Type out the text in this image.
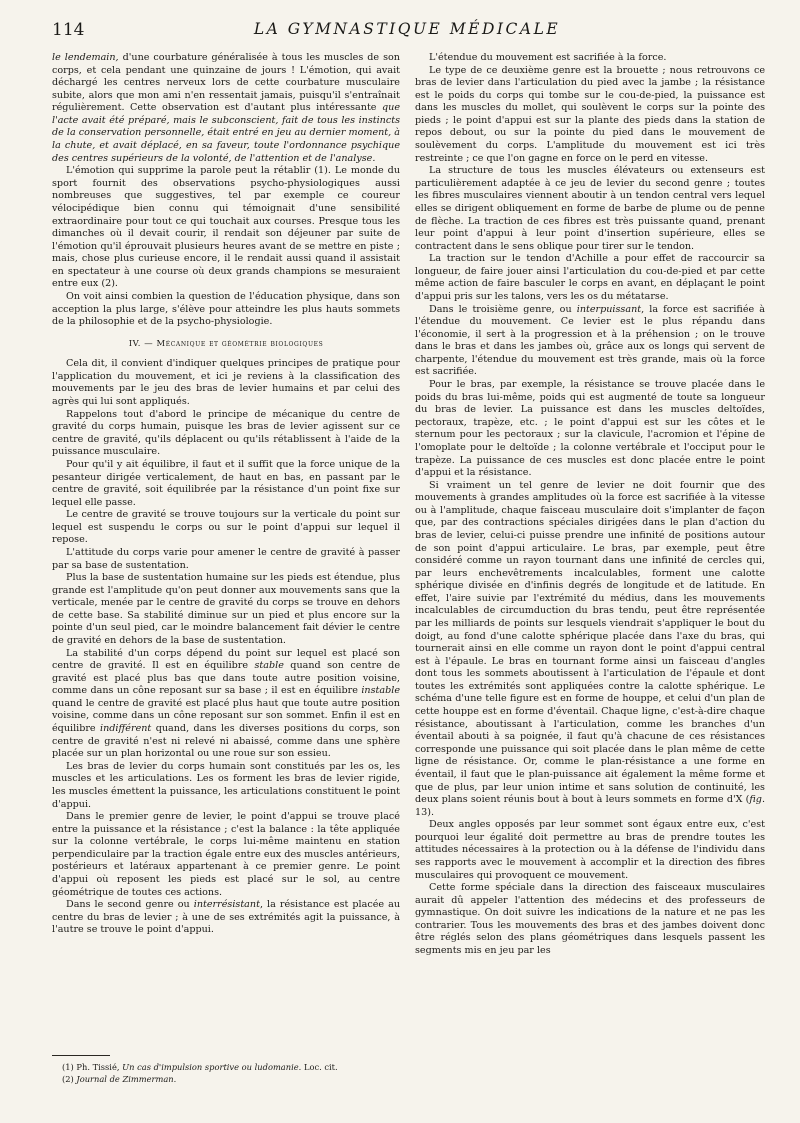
114	LA GYMNASTIQUE MÉDICALE

le lendemain, d'une courbature généralisée à tous les muscles de son corps, et cela pendant une quinzaine de jours ! L'émotion, qui avait déchargé les centres nerveux lors de cette courbature musculaire subite, alors que mon ami n'en ressentait jamais, puisqu'il s'entraînait régulièrement. Cette observation est d'autant plus intéressante que l'acte avait été préparé, mais le subconscient, fait de tous les instincts de la conservation personnelle, était entré en jeu au dernier moment, à la chute, et avait déplacé, en sa faveur, toute l'ordonnance psychique des centres supérieurs de la volonté, de l'attention et de l'analyse.

L'émotion qui supprime la parole peut la rétablir (1). Le monde du sport fournit des observations psycho-physiologiques aussi nombreuses que suggestives, tel par exemple ce coureur vélocipédique bien connu qui témoignait d'une sensibilité extraordinaire pour tout ce qui touchait aux courses. Presque tous les dimanches où il devait courir, il rendait son déjeuner par suite de l'émotion qu'il éprouvait plusieurs heures avant de se mettre en piste ; mais, chose plus curieuse encore, il le rendait aussi quand il assistait en spectateur à une course où deux grands champions se mesuraient entre eux (2).

On voit ainsi combien la question de l'éducation physique, dans son acception la plus large, s'élève pour atteindre les plus hauts sommets de la philosophie et de la psycho-physiologie.

IV. — Mécanique et géométrie biologiques

Cela dit, il convient d'indiquer quelques principes de pratique pour l'application du mouvement, et ici je reviens à la classification des mouvements par le jeu des bras de levier humains et par celui des agrès qui lui sont appliqués.

Rappelons tout d'abord le principe de mécanique du centre de gravité du corps humain, puisque les bras de levier agissent sur ce centre de gravité, qu'ils déplacent ou qu'ils rétablissent à l'aide de la puissance musculaire.

Pour qu'il y ait équilibre, il faut et il suffit que la force unique de la pesanteur dirigée verticalement, de haut en bas, en passant par le centre de gravité, soit équilibrée par la résistance d'un point fixe sur lequel elle passe.

Le centre de gravité se trouve toujours sur la verticale du point sur lequel est suspendu le corps ou sur le point d'appui sur lequel il repose.

L'attitude du corps varie pour amener le centre de gravité à passer par sa base de sustentation.

Plus la base de sustentation humaine sur les pieds est étendue, plus grande est l'amplitude qu'on peut donner aux mouvements sans que la verticale, menée par le centre de gravité du corps se trouve en dehors de cette base. Sa stabilité diminue sur un pied et plus encore sur la pointe d'un seul pied, car le moindre balancement fait dévier le centre de gravité en dehors de la base de sustentation.

La stabilité d'un corps dépend du point sur lequel est placé son centre de gravité. Il est en équilibre stable quand son centre de gravité est placé plus bas que dans toute autre position voisine, comme dans un cône reposant sur sa base ; il est en équilibre instable quand le centre de gravité est placé plus haut que toute autre position voisine, comme dans un cône reposant sur son sommet. Enfin il est en équilibre indifférent quand, dans les diverses positions du corps, son centre de gravité n'est ni relevé ni abaissé, comme dans une sphère placée sur un plan horizontal ou une roue sur son essieu.

Les bras de levier du corps humain sont constitués par les os, les muscles et les articulations. Les os forment les bras de levier rigide, les muscles émettent la puissance, les articulations constituent le point d'appui.

Dans le premier genre de levier, le point d'appui se trouve placé entre la puissance et la résistance ; c'est la balance : la tête appliquée sur la colonne vertébrale, le corps lui-même maintenu en station perpendiculaire par la traction égale entre eux des muscles antérieurs, postérieurs et latéraux appartenant à ce premier genre. Le point d'appui où reposent les pieds est placé sur le sol, au centre géométrique de toutes ces actions.

Dans le second genre ou interrésistant, la résistance est placée au centre du bras de levier ; à une de ses extrémités agit la puissance, à l'autre se trouve le point d'appui.

(1) Ph. Tissié, Un cas d'impulsion sportive ou ludomanie. Loc. cit.
(2) Journal de Zimmerman.

L'étendue du mouvement est sacrifiée à la force.

Le type de ce deuxième genre est la brouette ; nous retrouvons ce bras de levier dans l'articulation du pied avec la jambe ; la résistance est le poids du corps qui tombe sur le cou-de-pied, la puissance est dans les muscles du mollet, qui soulèvent le corps sur la pointe des pieds ; le point d'appui est sur la plante des pieds dans la station de repos debout, ou sur la pointe du pied dans le mouvement de soulèvement du corps. L'amplitude du mouvement est ici très restreinte ; ce que l'on gagne en force on le perd en vitesse.

La structure de tous les muscles élévateurs ou extenseurs est particulièrement adaptée à ce jeu de levier du second genre ; toutes les fibres musculaires viennent aboutir à un tendon central vers lequel elles se dirigent obliquement en forme de barbe de plume ou de penne de flèche. La traction de ces fibres est très puissante quand, prenant leur point d'appui à leur point d'insertion supérieure, elles se contractent dans le sens oblique pour tirer sur le tendon.

La traction sur le tendon d'Achille a pour effet de raccourcir sa longueur, de faire jouer ainsi l'articulation du cou-de-pied et par cette même action de faire basculer le corps en avant, en déplaçant le point d'appui pris sur les talons, vers les os du métatarse.

Dans le troisième genre, ou interpuissant, la force est sacrifiée à l'étendue du mouvement. Ce levier est le plus répandu dans l'économie, il sert à la progression et à la préhension ; on le trouve dans le bras et dans les jambes où, grâce aux os longs qui servent de charpente, l'étendue du mouvement est très grande, mais où la force est sacrifiée.

Pour le bras, par exemple, la résistance se trouve placée dans le poids du bras lui-même, poids qui est augmenté de toute sa longueur du bras de levier. La puissance est dans les muscles deltoïdes, pectoraux, trapèze, etc. ; le point d'appui est sur les côtes et le sternum pour les pectoraux ; sur la clavicule, l'acromion et l'épine de l'omoplate pour le deltoïde ; la colonne vertébrale et l'occiput pour le trapèze. La puissance de ces muscles est donc placée entre le point d'appui et la résistance.

Si vraiment un tel genre de levier ne doit fournir que des mouvements à grandes amplitudes où la force est sacrifiée à la vitesse ou à l'amplitude, chaque faisceau musculaire doit s'implanter de façon que, par des contractions spéciales dirigées dans le plan d'action du bras de levier, celui-ci puisse prendre une infinité de positions autour de son point d'appui articulaire. Le bras, par exemple, peut être considéré comme un rayon tournant dans une infinité de cercles qui, par leurs enchevêtrements incalculables, forment une calotte sphérique divisée en d'infinis degrés de longitude et de latitude. En effet, l'aire suivie par l'extrémité du médius, dans les mouvements incalculables de circumduction du bras tendu, peut être représentée par les milliards de points sur lesquels viendrait s'appliquer le bout du doigt, au fond d'une calotte sphérique placée dans l'axe du bras, qui tournerait ainsi en elle comme un rayon dont le point d'appui central est à l'épaule. Le bras en tournant forme ainsi un faisceau d'angles dont tous les sommets aboutissent à l'articulation de l'épaule et dont toutes les extrémités sont appliquées contre la calotte sphérique. Le schéma d'une telle figure est en forme de houppe, et celui d'un plan de cette houppe est en forme d'éventail. Chaque ligne, c'est-à-dire chaque résistance, aboutissant à l'articulation, comme les branches d'un éventail abouti à sa poignée, il faut qu'à chacune de ces résistances corresponde une puissance qui soit placée dans le plan même de cette ligne de résistance. Or, comme le plan-résistance a une forme en éventail, il faut que le plan-puissance ait également la même forme et que de plus, par leur union intime et sans solution de continuité, les deux plans soient réunis bout à bout à leurs sommets en forme d'X (fig. 13).

Deux angles opposés par leur sommet sont égaux entre eux, c'est pourquoi leur égalité doit permettre au bras de prendre toutes les attitudes nécessaires à la protection ou à la défense de l'individu dans ses rapports avec le mouvement à accomplir et la direction des fibres musculaires qui provoquent ce mouvement.

Cette forme spéciale dans la direction des faisceaux musculaires aurait dû appeler l'attention des médecins et des professeurs de gymnastique. On doit suivre les indications de la nature et ne pas les contrarier. Tous les mouvements des bras et des jambes doivent donc être réglés selon des plans géométriques dans lesquels passent les segments mis en jeu par les
